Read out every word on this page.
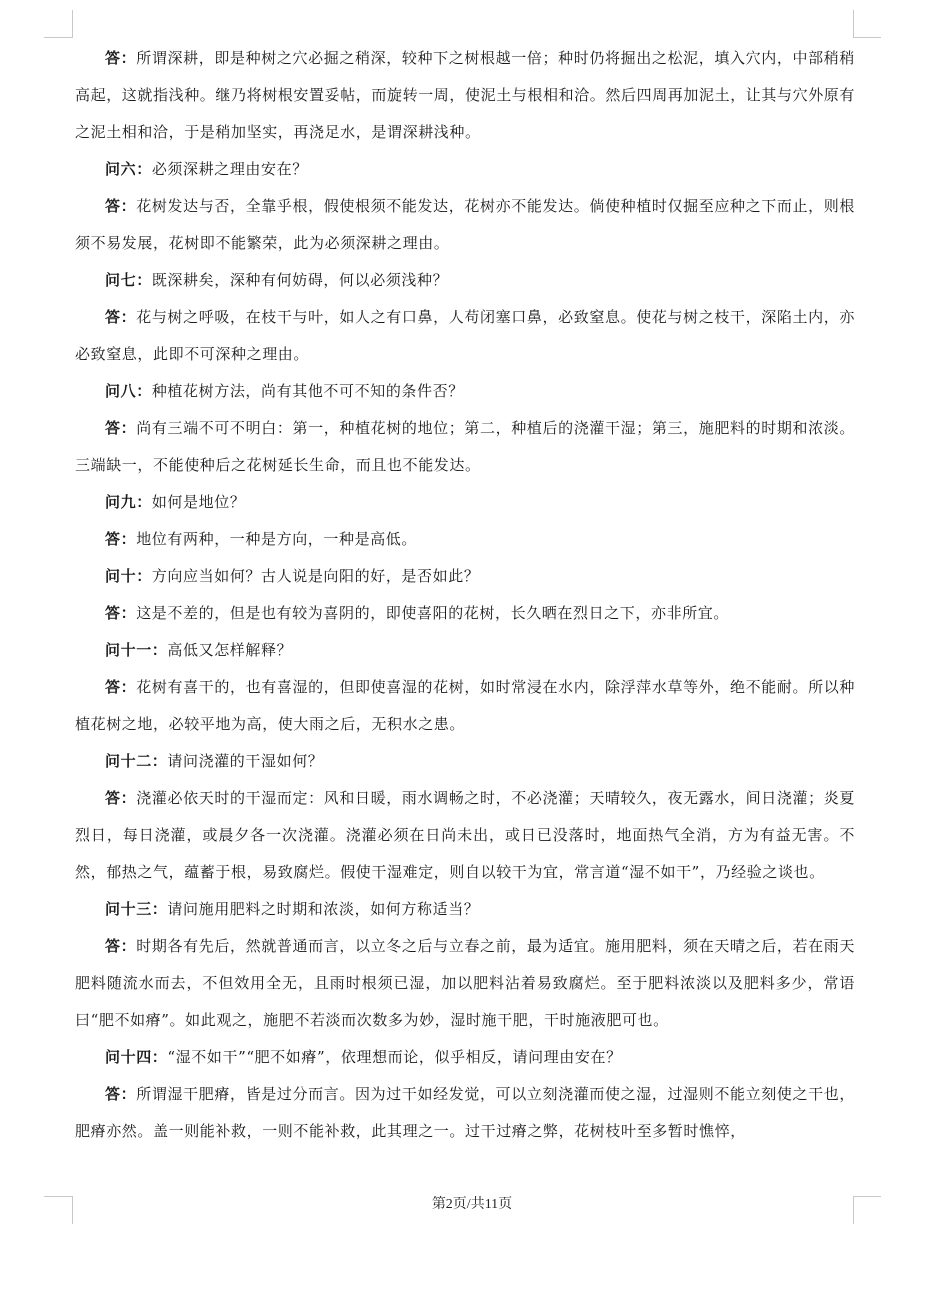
答：所谓深耕，即是种树之穴必掘之稍深，较种下之树根越一倍；种时仍将掘出之松泥，填入穴内，中部稍稍高起，这就指浅种。继乃将树根安置妥帖，而旋转一周，使泥土与根相和洽。然后四周再加泥土，让其与穴外原有之泥土相和洽，于是稍加坚实，再浇足水，是谓深耕浅种。

问六：必须深耕之理由安在？

答：花树发达与否，全靠乎根，假使根须不能发达，花树亦不能发达。倘使种植时仅掘至应种之下而止，则根须不易发展，花树即不能繁荣，此为必须深耕之理由。

问七：既深耕矣，深种有何妨碍，何以必须浅种？

答：花与树之呼吸，在枝干与叶，如人之有口鼻，人苟闭塞口鼻，必致窒息。使花与树之枝干，深陷土内，亦必致窒息，此即不可深种之理由。

问八：种植花树方法，尚有其他不可不知的条件否？

答：尚有三端不可不明白：第一，种植花树的地位；第二，种植后的浇灌干湿；第三，施肥料的时期和浓淡。三端缺一，不能使种后之花树延长生命，而且也不能发达。

问九：如何是地位？

答：地位有两种，一种是方向，一种是高低。

问十：方向应当如何？古人说是向阳的好，是否如此？

答：这是不差的，但是也有较为喜阴的，即使喜阳的花树，长久晒在烈日之下，亦非所宜。

问十一：高低又怎样解释？

答：花树有喜干的，也有喜湿的，但即使喜湿的花树，如时常浸在水内，除浮萍水草等外，绝不能耐。所以种植花树之地，必较平地为高，使大雨之后，无积水之患。

问十二：请问浇灌的干湿如何？

答：浇灌必依天时的干湿而定：风和日暖，雨水调畅之时，不必浇灌；天晴较久，夜无露水，间日浇灌；炎夏烈日，每日浇灌，或晨夕各一次浇灌。浇灌必须在日尚未出，或日已没落时，地面热气全消，方为有益无害。不然，郁热之气，蕴蓄于根，易致腐烂。假使干湿难定，则自以较干为宜，常言道“湿不如干”，乃经验之谈也。

问十三：请问施用肥料之时期和浓淡，如何方称适当？

答：时期各有先后，然就普通而言，以立冬之后与立春之前，最为适宜。施用肥料，须在天晴之后，若在雨天肥料随流水而去，不但效用全无，且雨时根须已湿，加以肥料沾着易致腐烂。至于肥料浓淡以及肥料多少，常语曰“肥不如瘠”。如此观之，施肥不若淡而次数多为妙，湿时施干肥，干时施液肥可也。

问十四：“湿不如干”“肥不如瘠”，依理想而论，似乎相反，请问理由安在？

答：所谓湿干肥瘠，皆是过分而言。因为过干如经发觉，可以立刻浇灌而使之湿，过湿则不能立刻使之干也，肥瘠亦然。盖一则能补救，一则不能补救，此其理之一。过干过瘠之弊，花树枝叶至多暂时憔悴，

第2页/共11页
